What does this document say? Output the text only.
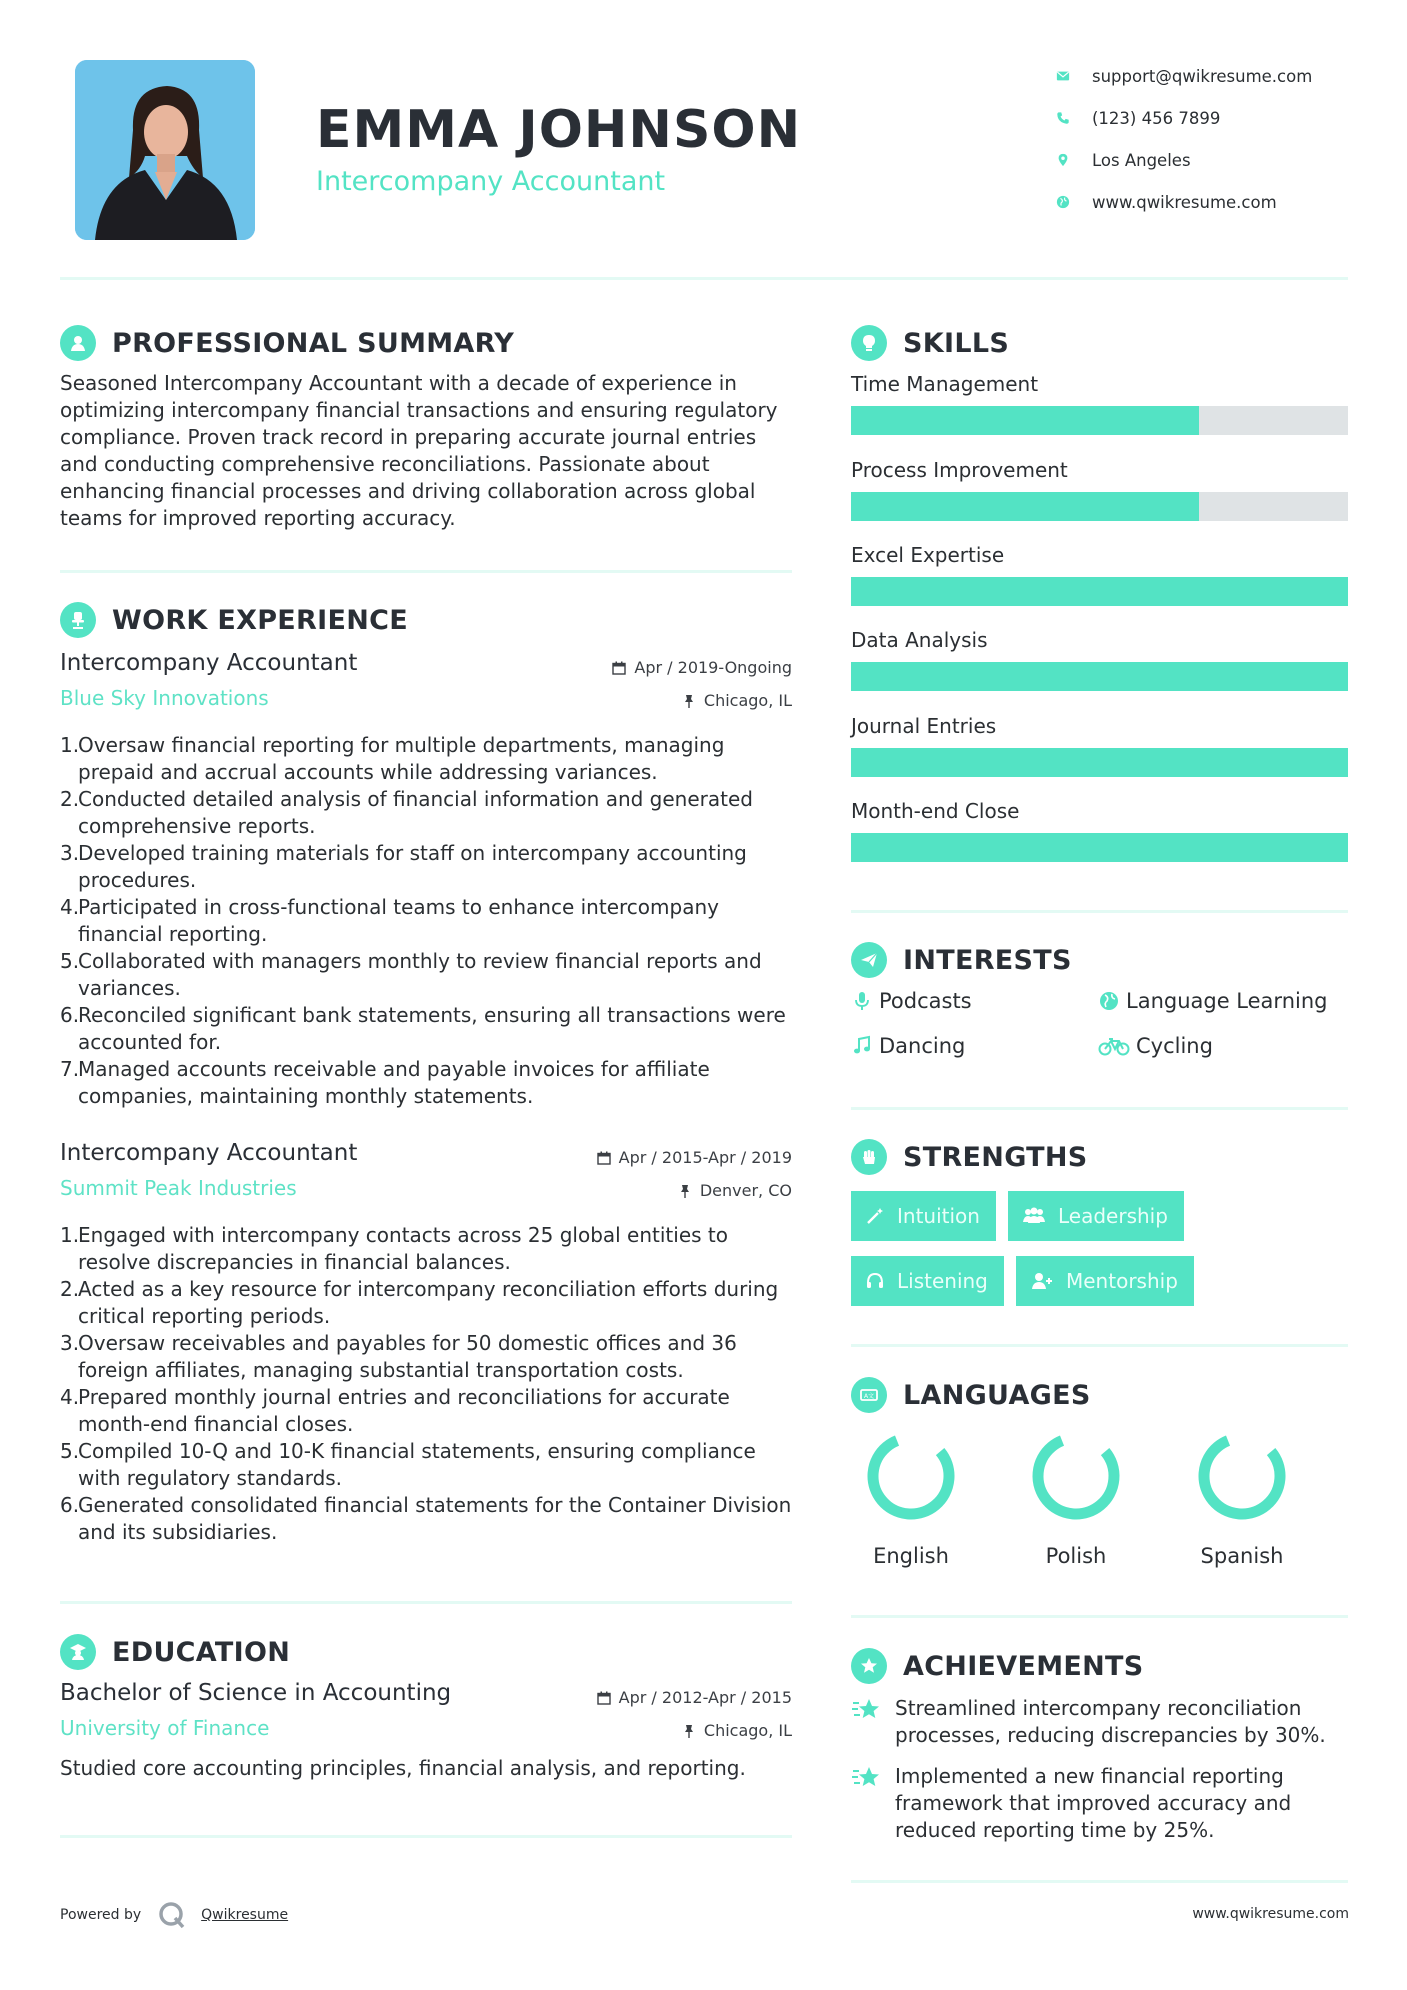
EMMA JOHNSON
Intercompany Accountant
support@qwikresume.com
(123) 456 7899
Los Angeles
www.qwikresume.com
PROFESSIONAL SUMMARY
Seasoned Intercompany Accountant with a decade of experience in optimizing intercompany financial transactions and ensuring regulatory compliance. Proven track record in preparing accurate journal entries and conducting comprehensive reconciliations. Passionate about enhancing financial processes and driving collaboration across global teams for improved reporting accuracy.
WORK EXPERIENCE
Intercompany Accountant
Blue Sky Innovations
Apr / 2019-Ongoing
Chicago, IL
1.
Oversaw financial reporting for multiple departments, managing prepaid and accrual accounts while addressing variances.
2.
Conducted detailed analysis of financial information and generated comprehensive reports.
3.
Developed training materials for staff on intercompany accounting procedures.
4.
Participated in cross-functional teams to enhance intercompany financial reporting.
5.
Collaborated with managers monthly to review financial reports and variances.
6.
Reconciled significant bank statements, ensuring all transactions were accounted for.
7.
Managed accounts receivable and payable invoices for affiliate companies, maintaining monthly statements.
Intercompany Accountant
Summit Peak Industries
Apr / 2015-Apr / 2019
Denver, CO
1.
Engaged with intercompany contacts across 25 global entities to resolve discrepancies in financial balances.
2.
Acted as a key resource for intercompany reconciliation efforts during critical reporting periods.
3.
Oversaw receivables and payables for 50 domestic offices and 36 foreign affiliates, managing substantial transportation costs.
4.
Prepared monthly journal entries and reconciliations for accurate month-end financial closes.
5.
Compiled 10-Q and 10-K financial statements, ensuring compliance with regulatory standards.
6.
Generated consolidated financial statements for the Container Division and its subsidiaries.
EDUCATION
Bachelor of Science in Accounting
University of Finance
Apr / 2012-Apr / 2015
Chicago, IL
Studied core accounting principles, financial analysis, and reporting.
SKILLS
Time Management
Process Improvement
Excel Expertise
Data Analysis
Journal Entries
Month-end Close
INTERESTS
Podcasts	Language Learning
Dancing	Cycling
STRENGTHS
Intuition	Leadership
Listening	Mentorship
A文 LANGUAGES
English	Polish	Spanish
ACHIEVEMENTS
Streamlined intercompany reconciliation processes, reducing discrepancies by 30%.
Implemented a new financial reporting framework that improved accuracy and reduced reporting time by 25%.
Powered by	Qwikresume	www.qwikresume.com
